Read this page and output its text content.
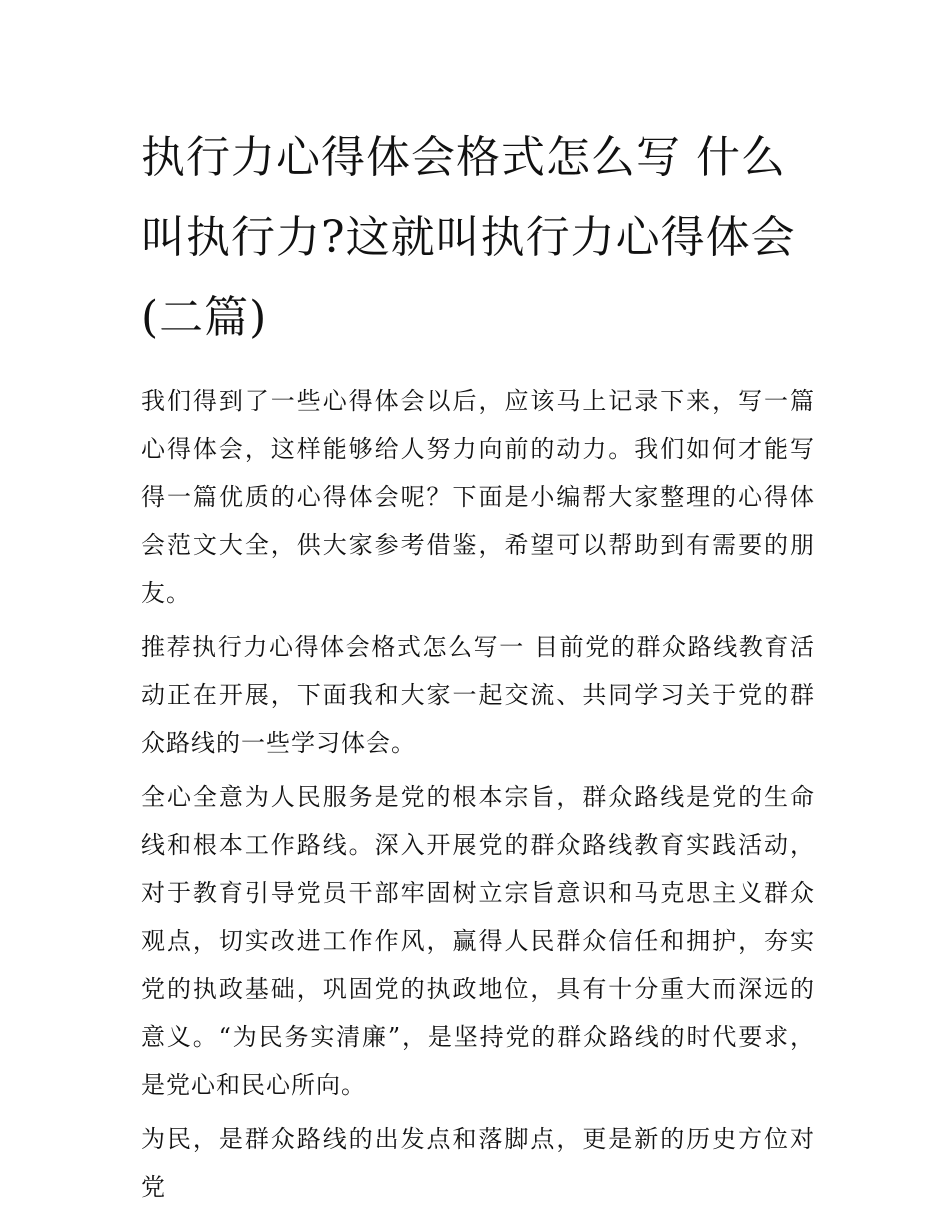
执行力心得体会格式怎么写 什么叫执行力?这就叫执行力心得体会(二篇)

我们得到了一些心得体会以后，应该马上记录下来，写一篇心得体会，这样能够给人努力向前的动力。我们如何才能写得一篇优质的心得体会呢？下面是小编帮大家整理的心得体会范文大全，供大家参考借鉴，希望可以帮助到有需要的朋友。

推荐执行力心得体会格式怎么写一 目前党的群众路线教育活动正在开展，下面我和大家一起交流、共同学习关于党的群众路线的一些学习体会。

全心全意为人民服务是党的根本宗旨，群众路线是党的生命线和根本工作路线。深入开展党的群众路线教育实践活动，对于教育引导党员干部牢固树立宗旨意识和马克思主义群众观点，切实改进工作作风，赢得人民群众信任和拥护，夯实党的执政基础，巩固党的执政地位，具有十分重大而深远的意义。“为民务实清廉”，是坚持党的群众路线的时代要求，是党心和民心所向。

为民，是群众路线的出发点和落脚点，更是新的历史方位对党
